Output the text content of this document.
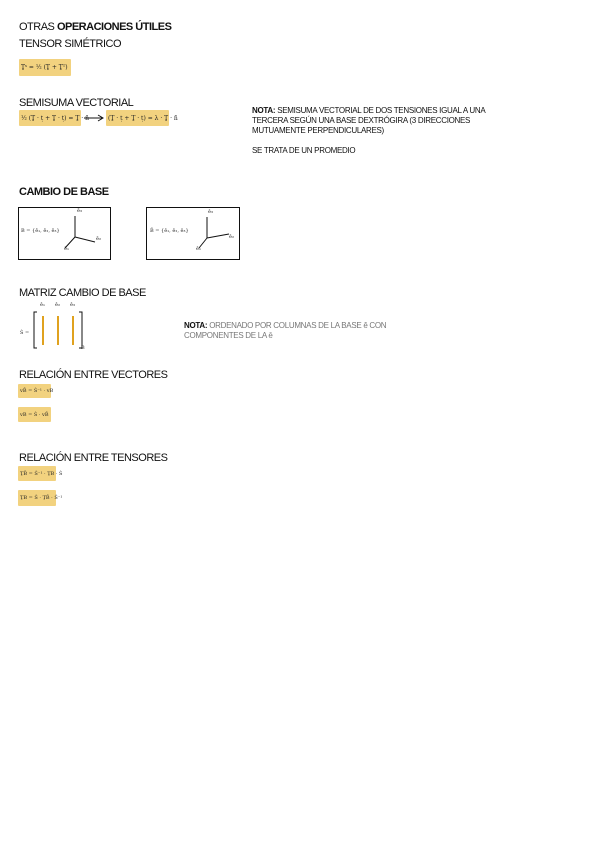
OTRAS OPERACIONES ÚTILES
TENSOR SIMÉTRICO
Ṯˢ = ½ (Ṯ + Ṯᵀ)
SEMISUMA VECTORIAL
½ (Ṯ · ṭ + Ṯ · ṭ) = Ṯ · ñ	(Ṯ · ṭ + Ṯ · ṭ) = λ · Ṯ · ñ
NOTA: SEMISUMA VECTORIAL DE DOS TENSIONES IGUAL A UNA TERCERA SEGÚN UNA BASE DEXTRÓGIRA (3 DIRECCIONES MUTUAMENTE PERPENDICULARES)
SE TRATA DE UN PROMEDIO
CAMBIO DE BASE
B = {ē₁, ē₂, ē₃}
ē₃
ē₂
ē₁
B̂ = {ê₁, ê₂, ê₃}
ê₃
ê₂
ê₁
MATRIZ CAMBIO DE BASE
Ṡ =
ê₁ ê₂ ê₃
B
NOTA: ORDENADO POR COLUMNAS DE LA BASE ê CON COMPONENTES DE LA ē
RELACIÓN ENTRE VECTORES
vB̂ = Ṡ⁻¹ · vB
vB = Ṡ · vB̂
RELACIÓN ENTRE TENSORES
ṮB̂ = Ṡ⁻¹ · ṮB · Ṡ
ṮB = Ṡ · ṮB̂ · Ṡ⁻¹
